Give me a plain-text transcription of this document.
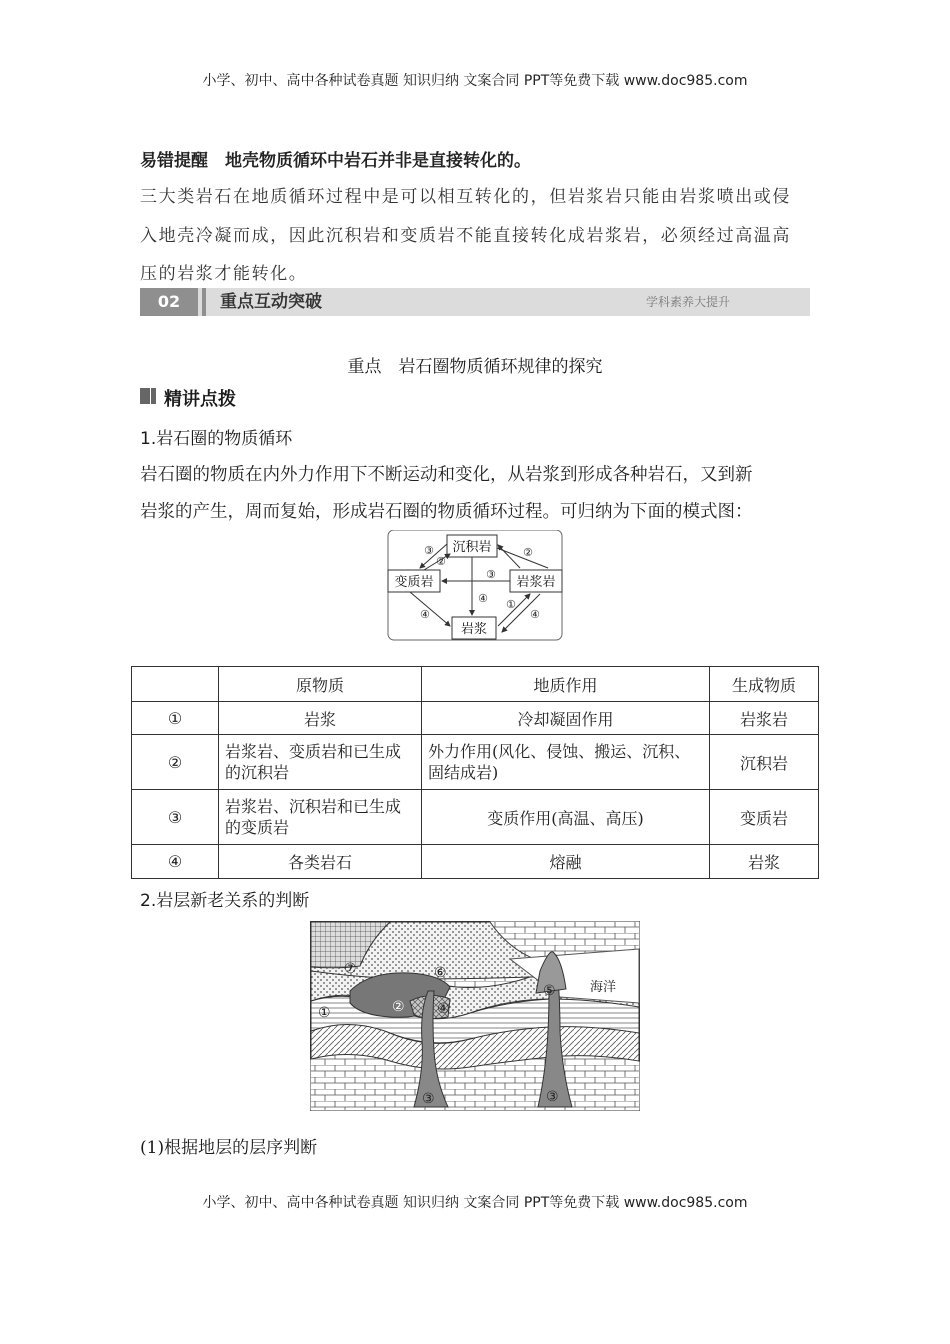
小学、初中、高中各种试卷真题 知识归纳 文案合同 PPT等免费下载 www.doc985.com
易错提醒　地壳物质循环中岩石并非是直接转化的。
三大类岩石在地质循环过程中是可以相互转化的，但岩浆岩只能由岩浆喷出或侵
入地壳冷凝而成，因此沉积岩和变质岩不能直接转化成岩浆岩，必须经过高温高
压的岩浆才能转化。
02	重点互动突破	学科素养大提升
重点　岩石圈物质循环规律的探究
精讲点拨
1.岩石圈的物质循环
岩石圈的物质在内外力作用下不断运动和变化，从岩浆到形成各种岩石，又到新
岩浆的产生，周而复始，形成岩石圈的物质循环过程。可归纳为下面的模式图：
沉积岩
变质岩	岩浆岩
岩浆
③
②
②
③
④
④ ①
④
	原物质	地质作用	生成物质
①	岩浆	冷却凝固作用	岩浆岩
②	岩浆岩、变质岩和已生成的沉积岩	外力作用(风化、侵蚀、搬运、沉积、固结成岩)	沉积岩
③	岩浆岩、沉积岩和已生成的变质岩	变质作用(高温、高压)	变质岩
④	各类岩石	熔融	岩浆
2.岩层新老关系的判断
海洋
⑦	⑥
①	② ④
⑤
③	③
(1)根据地层的层序判断
小学、初中、高中各种试卷真题 知识归纳 文案合同 PPT等免费下载 www.doc985.com
